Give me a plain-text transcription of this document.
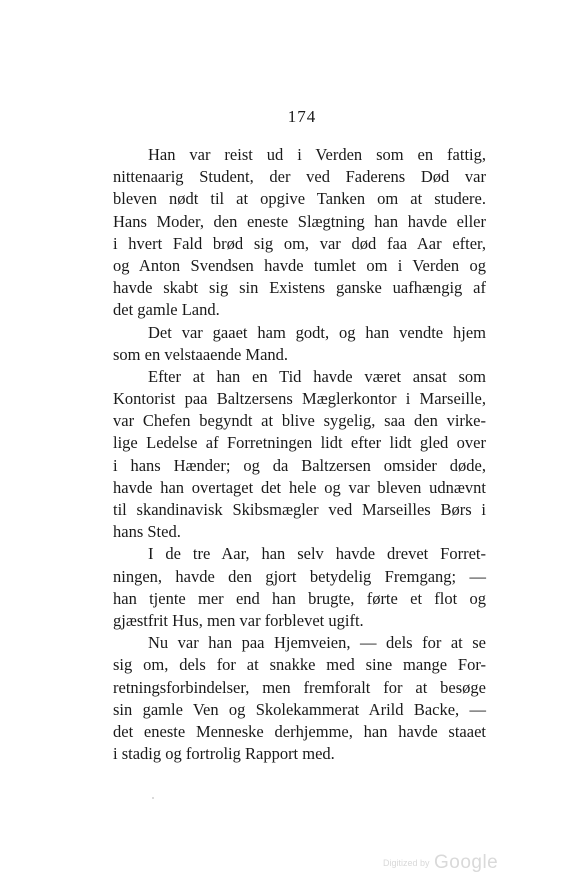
174
Han var reist ud i Verden som en fattig,
nittenaarig Student, der ved Faderens Død var
bleven nødt til at opgive Tanken om at studere.
Hans Moder, den eneste Slægtning han havde eller
i hvert Fald brød sig om, var død faa Aar efter,
og Anton Svendsen havde tumlet om i Verden og
havde skabt sig sin Existens ganske uafhængig af
det gamle Land.
Det var gaaet ham godt, og han vendte hjem
som en velstaaende Mand.
Efter at han en Tid havde været ansat som
Kontorist paa Baltzersens Mæglerkontor i Marseille,
var Chefen begyndt at blive sygelig, saa den virke-
lige Ledelse af Forretningen lidt efter lidt gled over
i hans Hænder; og da Baltzersen omsider døde,
havde han overtaget det hele og var bleven udnævnt
til skandinavisk Skibsmægler ved Marseilles Børs i
hans Sted.
I de tre Aar, han selv havde drevet Forret-
ningen, havde den gjort betydelig Fremgang; —
han tjente mer end han brugte, førte et flot og
gjæstfrit Hus, men var forblevet ugift.
Nu var han paa Hjemveien, — dels for at se
sig om, dels for at snakke med sine mange For-
retningsforbindelser, men fremforalt for at besøge
sin gamle Ven og Skolekammerat Arild Backe, —
det eneste Menneske derhjemme, han havde staaet
i stadig og fortrolig Rapport med.
Digitized by Google
